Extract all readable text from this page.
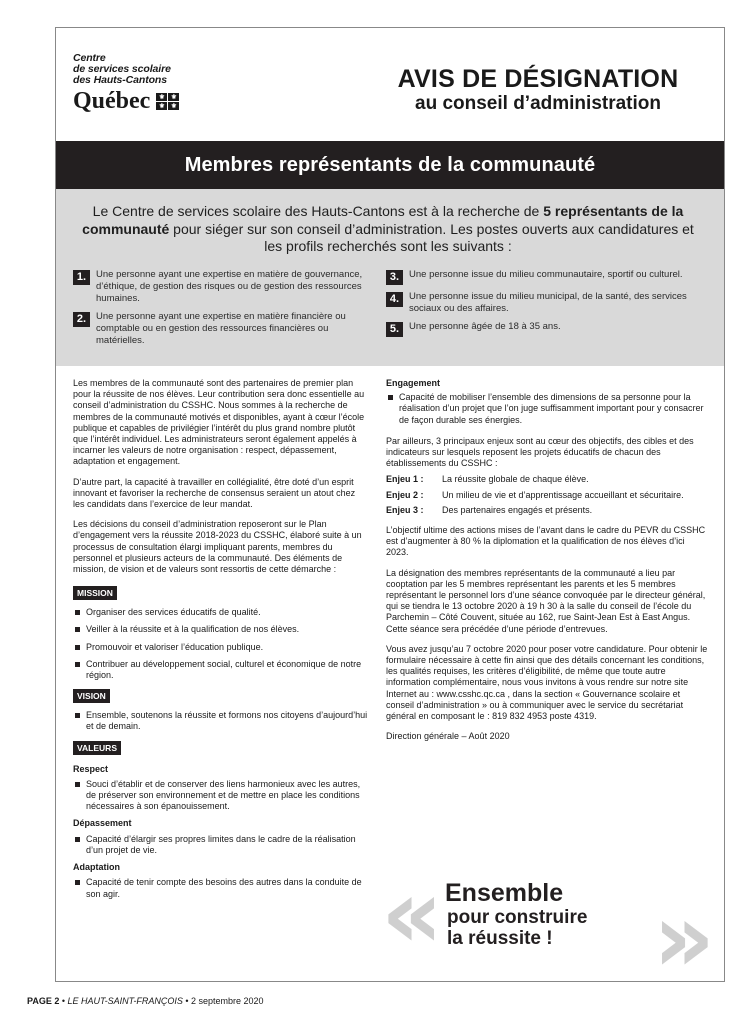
Centre
de services scolaire
des Hauts-Cantons
Québec	⚜ ⚜
⚜ ⚜
AVIS DE DÉSIGNATION
au conseil d’administration
Membres représentants de la communauté
Le Centre de services scolaire des Hauts-Cantons est à la recherche de 5 représentants de la communauté pour siéger sur son conseil d’administration. Les postes ouverts aux candidatures et les profils recherchés sont les suivants :
1.	Une personne ayant une expertise en matière de gouvernance, d’éthique, de gestion des risques ou de gestion des ressources humaines.
2.	Une personne ayant une expertise en matière financière ou comptable ou en gestion des ressources financières ou matérielles.
3.	Une personne issue du milieu communautaire, sportif ou culturel.
4.	Une personne issue du milieu municipal, de la santé, des services sociaux ou des affaires.
5.	Une personne âgée de 18 à 35 ans.

Les membres de la communauté sont des partenaires de premier plan pour la réussite de nos élèves. Leur contribution sera donc essentielle au conseil d’administration du CSSHC. Nous sommes à la recherche de membres de la communauté motivés et disponibles, ayant à cœur l’école publique et capables de privilégier l’intérêt du plus grand nombre plutôt que l’intérêt individuel. Les administrateurs seront également appelés à incarner les valeurs de notre organisation : respect, dépassement, adaptation et engagement.

D’autre part, la capacité à travailler en collégialité, être doté d’un esprit innovant et favoriser la recherche de consensus seraient un atout chez les candidats dans l’exercice de leur mandat.

Les décisions du conseil d’administration reposeront sur le Plan d’engagement vers la réussite 2018-2023 du CSSHC, élaboré suite à un processus de consultation élargi impliquant parents, membres du personnel et plusieurs acteurs de la communauté. Des éléments de mission, de vision et de valeurs sont ressortis de cette démarche :

MISSION
Organiser des services éducatifs de qualité.
Veiller à la réussite et à la qualification de nos élèves.
Promouvoir et valoriser l’éducation publique.
Contribuer au développement social, culturel et économique de notre région.
VISION
Ensemble, soutenons la réussite et formons nos citoyens d’aujourd’hui et de demain.
VALEURS
Respect
Souci d’établir et de conserver des liens harmonieux avec les autres, de préserver son environnement et de mettre en place les conditions nécessaires à son épanouissement.
Dépassement
Capacité d’élargir ses propres limites dans le cadre de la réalisation d’un projet de vie.
Adaptation
Capacité de tenir compte des besoins des autres dans la conduite de son agir.
Engagement
Capacité de mobiliser l’ensemble des dimensions de sa personne pour la réalisation d’un projet que l’on juge suffisamment important pour y consacrer de façon durable ses énergies.

Par ailleurs, 3 principaux enjeux sont au cœur des objectifs, des cibles et des indicateurs sur lesquels reposent les projets éducatifs de chacun des établissements du CSSHC :

Enjeu 1 :	La réussite globale de chaque élève.
Enjeu 2 :	Un milieu de vie et d’apprentissage accueillant et sécuritaire.
Enjeu 3 :	Des partenaires engagés et présents.

L’objectif ultime des actions mises de l’avant dans le cadre du PEVR du CSSHC est d’augmenter à 80 % la diplomation et la qualification de nos élèves d’ici 2023.

La désignation des membres représentants de la communauté a lieu par cooptation par les 5 membres représentant les parents et les 5 membres représentant le personnel lors d’une séance convoquée par le directeur général, qui se tiendra le 13 octobre 2020 à 19 h 30 à la salle du conseil de l’école du Parchemin – Côté Couvent, située au 162, rue Saint-Jean Est à East Angus. Cette séance sera précédée d’une période d’entrevues.

Vous avez jusqu’au 7 octobre 2020 pour poser votre candidature. Pour obtenir le formulaire nécessaire à cette fin ainsi que des détails concernant les conditions, les qualités requises, les critères d’éligibilité, de même que toute autre information complémentaire, nous vous invitons à vous rendre sur notre site Internet au : www.csshc.qc.ca , dans la section « Gouvernance scolaire et conseil d’administration » ou à communiquer avec le service du secrétariat général en composant le : 819 832 4953 poste 4319.

Direction générale – Août 2020
« »
Ensemble
pour construire
la réussite !
PAGE 2 • LE HAUT-SAINT-FRANÇOIS • 2 septembre 2020
